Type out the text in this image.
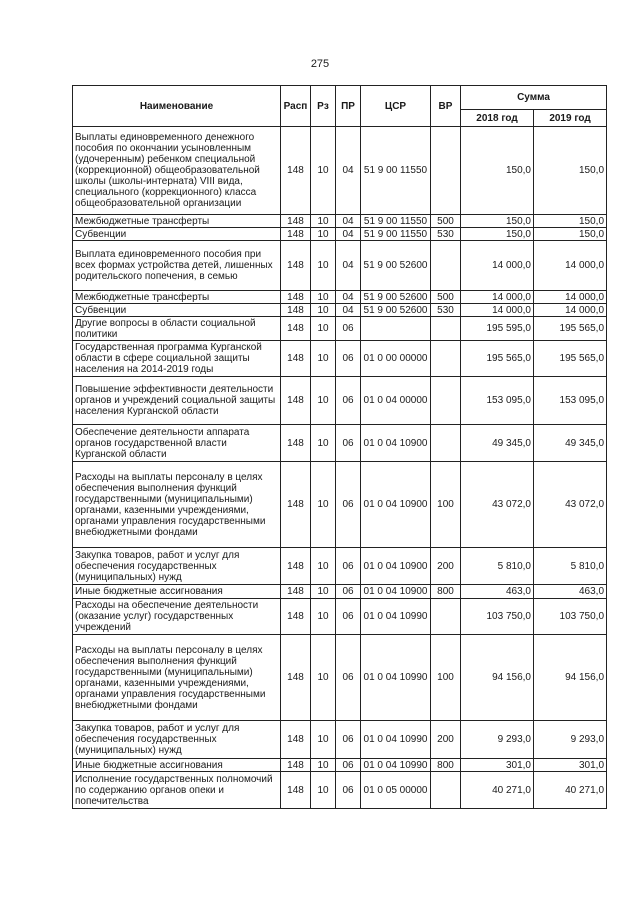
275
Наименование	Расп	Рз	ПР	ЦСР	ВР	Сумма	
						2018 год	2019 год
Выплаты единовременного денежного пособия по окончании усыновленным (удочеренным) ребенком специальной (коррекционной) общеобразовательной школы (школы-интерната) VIII вида, специального (коррекционного) класса общеобразовательной организации	148	10	04	51 9 00 11550		150,0	150,0
Межбюджетные трансферты	148	10	04	51 9 00 11550	500	150,0	150,0
Субвенции	148	10	04	51 9 00 11550	530	150,0	150,0
Выплата единовременного пособия при всех формах устройства детей, лишенных родительского попечения, в семью	148	10	04	51 9 00 52600		14 000,0	14 000,0
Межбюджетные трансферты	148	10	04	51 9 00 52600	500	14 000,0	14 000,0
Субвенции	148	10	04	51 9 00 52600	530	14 000,0	14 000,0
Другие вопросы в области социальной политики	148	10	06			195 595,0	195 565,0
Государственная программа Курганской области в сфере социальной защиты населения на 2014-2019 годы	148	10	06	01 0 00 00000		195 565,0	195 565,0
Повышение эффективности деятельности органов и учреждений социальной защиты населения Курганской области	148	10	06	01 0 04 00000		153 095,0	153 095,0
Обеспечение деятельности аппарата органов государственной власти Курганской области	148	10	06	01 0 04 10900		49 345,0	49 345,0
Расходы на выплаты персоналу в целях обеспечения выполнения функций государственными (муниципальными) органами, казенными учреждениями, органами управления государственными внебюджетными фондами	148	10	06	01 0 04 10900	100	43 072,0	43 072,0
Закупка товаров, работ и услуг для обеспечения государственных (муниципальных) нужд	148	10	06	01 0 04 10900	200	5 810,0	5 810,0
Иные бюджетные ассигнования	148	10	06	01 0 04 10900	800	463,0	463,0
Расходы на обеспечение деятельности (оказание услуг) государственных учреждений	148	10	06	01 0 04 10990		103 750,0	103 750,0
Расходы на выплаты персоналу в целях обеспечения выполнения функций государственными (муниципальными) органами, казенными учреждениями, органами управления государственными внебюджетными фондами	148	10	06	01 0 04 10990	100	94 156,0	94 156,0
Закупка товаров, работ и услуг для обеспечения государственных (муниципальных) нужд	148	10	06	01 0 04 10990	200	9 293,0	9 293,0
Иные бюджетные ассигнования	148	10	06	01 0 04 10990	800	301,0	301,0
Исполнение государственных полномочий по содержанию органов опеки и попечительства	148	10	06	01 0 05 00000		40 271,0	40 271,0
